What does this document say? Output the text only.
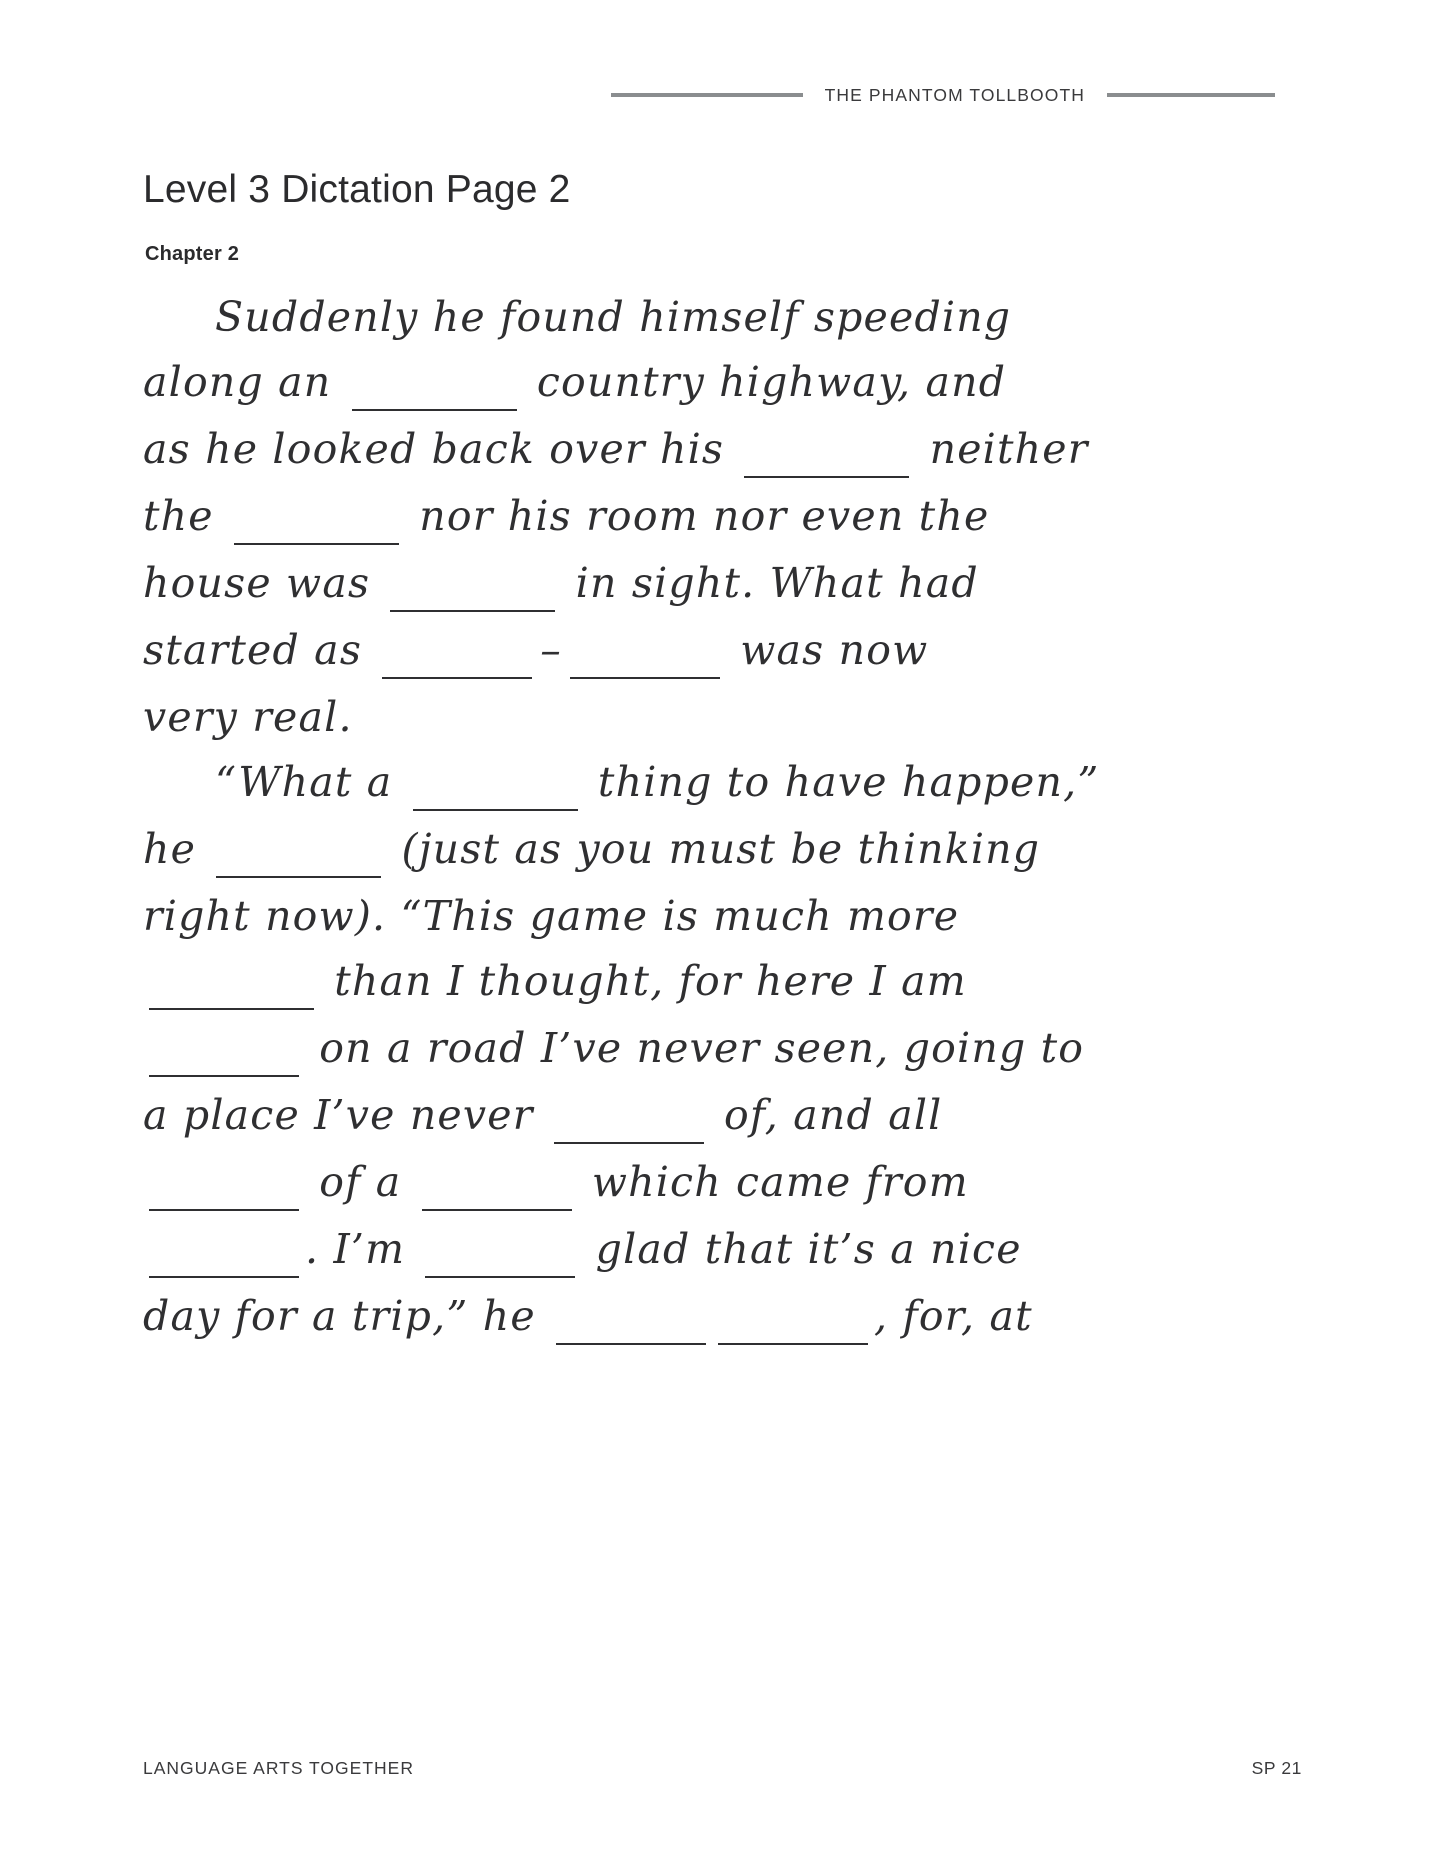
THE PHANTOM TOLLBOOTH
Level 3 Dictation Page 2
Chapter 2
Suddenly he found himself speeding
along an	country highway, and
as he looked back over his	neither
the	nor his room nor even the
house was	in sight. What had
started as	–	was now
very real.
“What a	thing to have happen,”
he	(just as you must be thinking
right now). “This game is much more
than I thought, for here I am
on a road I’ve never seen, going to
a place I’ve never	of, and all
of a	which came from
. I’m	glad that it’s a nice
day for a trip,” he	, for, at
LANGUAGE ARTS TOGETHER	SP 21
